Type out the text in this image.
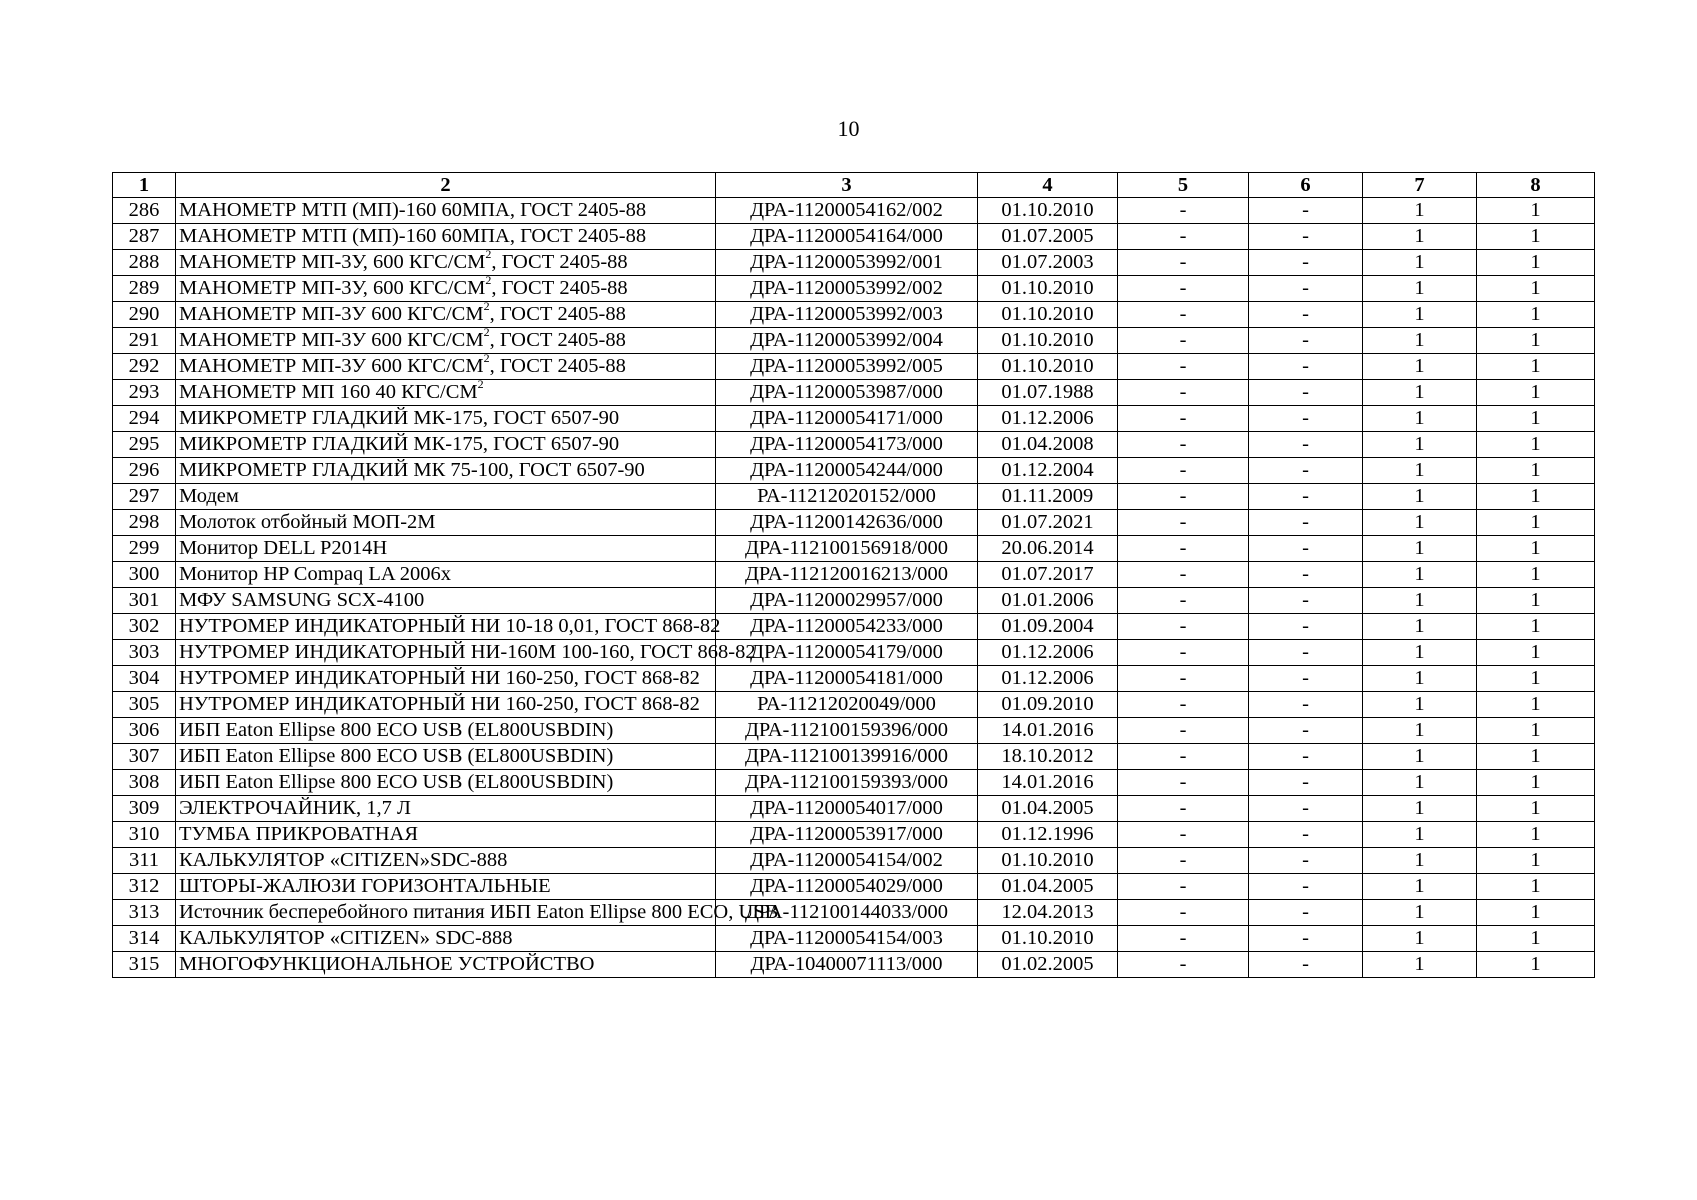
10
1	2	3	4	5	6	7	8
286	МАНОМЕТР МТП (МП)-160 60МПА, ГОСТ 2405-88	ДРА-11200054162/002	01.10.2010	-	-	1	1
287	МАНОМЕТР МТП (МП)-160 60МПА, ГОСТ 2405-88	ДРА-11200054164/000	01.07.2005	-	-	1	1
288	МАНОМЕТР МП-3У, 600 КГС/$СМ^2$, ГОСТ 2405-88	ДРА-11200053992/001	01.07.2003	-	-	1	1
289	МАНОМЕТР МП-3У, 600 КГС/$СМ^2$, ГОСТ 2405-88	ДРА-11200053992/002	01.10.2010	-	-	1	1
290	МАНОМЕТР МП-3У 600 КГС/$СМ^2$, ГОСТ 2405-88	ДРА-11200053992/003	01.10.2010	-	-	1	1
291	МАНОМЕТР МП-3У 600 КГС/$СМ^2$, ГОСТ 2405-88	ДРА-11200053992/004	01.10.2010	-	-	1	1
292	МАНОМЕТР МП-3У 600 КГС/$СМ^2$, ГОСТ 2405-88	ДРА-11200053992/005	01.10.2010	-	-	1	1
293	МАНОМЕТР МП 160 40 КГС/$СМ^2$	ДРА-11200053987/000	01.07.1988	-	-	1	1
294	МИКРОМЕТР ГЛАДКИЙ МК-175, ГОСТ 6507-90	ДРА-11200054171/000	01.12.2006	-	-	1	1
295	МИКРОМЕТР ГЛАДКИЙ МК-175, ГОСТ 6507-90	ДРА-11200054173/000	01.04.2008	-	-	1	1
296	МИКРОМЕТР ГЛАДКИЙ МК 75-100, ГОСТ 6507-90	ДРА-11200054244/000	01.12.2004	-	-	1	1
297	Модем	РА-11212020152/000	01.11.2009	-	-	1	1
298	Молоток отбойный МОП-2М	ДРА-11200142636/000	01.07.2021	-	-	1	1
299	Монитор DELL P2014H	ДРА-112100156918/000	20.06.2014	-	-	1	1
300	Монитор HP Compaq LA 2006x	ДРА-112120016213/000	01.07.2017	-	-	1	1
301	МФУ SAMSUNG SCX-4100	ДРА-11200029957/000	01.01.2006	-	-	1	1
302	НУТРОМЕР ИНДИКАТОРНЫЙ НИ 10-18 0,01, ГОСТ 868-82	ДРА-11200054233/000	01.09.2004	-	-	1	1
303	НУТРОМЕР ИНДИКАТОРНЫЙ НИ-160М 100-160, ГОСТ 868-82	ДРА-11200054179/000	01.12.2006	-	-	1	1
304	НУТРОМЕР ИНДИКАТОРНЫЙ НИ 160-250, ГОСТ 868-82	ДРА-11200054181/000	01.12.2006	-	-	1	1
305	НУТРОМЕР ИНДИКАТОРНЫЙ НИ 160-250, ГОСТ 868-82	РА-11212020049/000	01.09.2010	-	-	1	1
306	ИБП Eaton Ellipse 800 ECO USB (EL800USBDIN)	ДРА-112100159396/000	14.01.2016	-	-	1	1
307	ИБП Eaton Ellipse 800 ECO USB (EL800USBDIN)	ДРА-112100139916/000	18.10.2012	-	-	1	1
308	ИБП Eaton Ellipse 800 ECO USB (EL800USBDIN)	ДРА-112100159393/000	14.01.2016	-	-	1	1
309	ЭЛЕКТРОЧАЙНИК, 1,7 Л	ДРА-11200054017/000	01.04.2005	-	-	1	1
310	ТУМБА ПРИКРОВАТНАЯ	ДРА-11200053917/000	01.12.1996	-	-	1	1
311	КАЛЬКУЛЯТОР «CITIZEN»SDC-888	ДРА-11200054154/002	01.10.2010	-	-	1	1
312	ШТОРЫ-ЖАЛЮЗИ ГОРИЗОНТАЛЬНЫЕ	ДРА-11200054029/000	01.04.2005	-	-	1	1
313	Источник бесперебойного питания ИБП Eaton Ellipse 800 ECO, USB	ДРА-112100144033/000	12.04.2013	-	-	1	1
314	КАЛЬКУЛЯТОР «CITIZEN» SDC-888	ДРА-11200054154/003	01.10.2010	-	-	1	1
315	МНОГОФУНКЦИОНАЛЬНОЕ УСТРОЙСТВО	ДРА-10400071113/000	01.02.2005	-	-	1	1
